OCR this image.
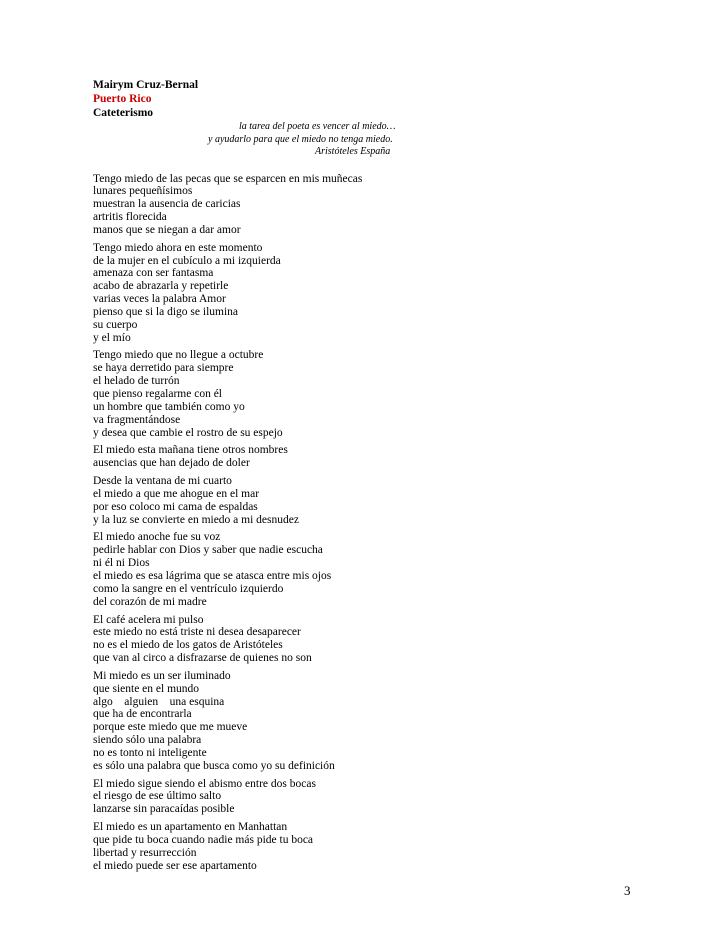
Mairym Cruz-Bernal

Puerto Rico

Cateterismo

la tarea del poeta es vencer al miedo…
y ayudarlo para que el miedo no tenga miedo.
Aristóteles España
Tengo miedo de las pecas que se esparcen en mis muñecas
lunares pequeñísimos
muestran la ausencia de caricias
artritis florecida
manos que se niegan a dar amor
Tengo miedo ahora en este momento
de la mujer en el cubículo a mi izquierda
amenaza con ser fantasma
acabo de abrazarla y repetirle
varias veces la palabra Amor
pienso que si la digo se ilumina
su cuerpo
y el mío
Tengo miedo que no llegue a octubre
se haya derretido para siempre
el helado de turrón
que pienso regalarme con él
un hombre que también como yo
va fragmentándose
y desea que cambie el rostro de su espejo
El miedo esta mañana tiene otros nombres
ausencias que han dejado de doler
Desde la ventana de mi cuarto
el miedo a que me ahogue en el mar
por eso coloco mi cama de espaldas
y la luz se convierte en miedo a mi desnudez
El miedo anoche fue su voz
pedirle hablar con Dios y saber que nadie escucha
ni él ni Dios
el miedo es esa lágrima que se atasca entre mis ojos
como la sangre en el ventrículo izquierdo
del corazón de mi madre
El café acelera mi pulso
este miedo no está triste ni desea desaparecer
no es el miedo de los gatos de Aristóteles
que van al circo a disfrazarse de quienes no son
Mi miedo es un ser iluminado
que siente en el mundo
algo    alguien    una esquina
que ha de encontrarla
porque este miedo que me mueve
siendo sólo una palabra
no es tonto ni inteligente
es sólo una palabra que busca como yo su definición
El miedo sigue siendo el abismo entre dos bocas
el riesgo de ese último salto
lanzarse sin paracaídas posible
El miedo es un apartamento en Manhattan
que pide tu boca cuando nadie más pide tu boca
libertad y resurrección
el miedo puede ser ese apartamento
3
